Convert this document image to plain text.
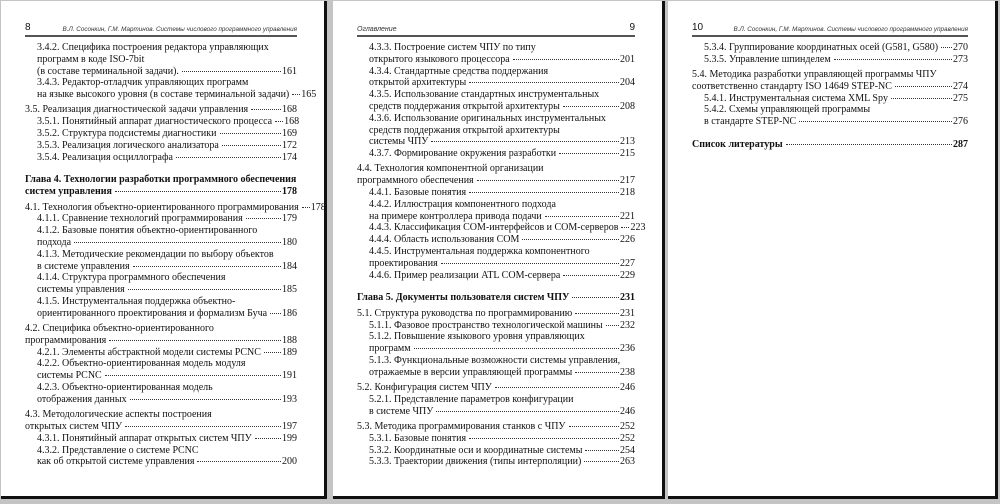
8	В.Л. Сосонкин, Г.М. Мартинов. Системы числового программного управления
3.4.2. Специфика построения редактора управляющих
программ в коде ISO-7bit
(в составе терминальной задачи).	161
3.4.3. Редактор-отладчик управляющих программ
на языке высокого уровня (в составе терминальной задачи) 165
3.5. Реализация диагностической задачи управления	168
3.5.1. Понятийный аппарат диагностического процесса 168
3.5.2. Структура подсистемы диагностики	169
3.5.3. Реализация логического анализатора	172
3.5.4. Реализация осциллографа	174
Глава 4. Технологии разработки программного обеспечения
систем управления	178
4.1. Технология объектно-ориентированного программирования 178
4.1.1. Сравнение технологий программирования	179
4.1.2. Базовые понятия объектно-ориентированного
подхода	180
4.1.3. Методические рекомендации по выбору объектов
в системе управления	184
4.1.4. Структура программного обеспечения
системы управления	185
4.1.5. Инструментальная поддержка объектно-
ориентированного проектирования и формализм Буча 186
4.2. Специфика объектно-ориентированного
программирования	188
4.2.1. Элементы абстрактной модели системы PCNC 189
4.2.2. Объектно-ориентированная модель модуля
системы PCNC	191
4.2.3. Объектно-ориентированная модель
отображения данных	193
4.3. Методологические аспекты построения
открытых систем ЧПУ	197
4.3.1. Понятийный аппарат открытых систем ЧПУ	199
4.3.2. Представление о системе PCNC
как об открытой системе управления	200
Оглавление	9
4.3.3. Построение систем ЧПУ по типу
открытого языкового процессора	201
4.3.4. Стандартные средства поддержания
открытой архитектуры	204
4.3.5. Использование стандартных инструментальных
средств поддержания открытой архитектуры	208
4.3.6. Использование оригинальных инструментальных
средств поддержания открытой архитектуры
системы ЧПУ	213
4.3.7. Формирование окружения разработки	215
4.4. Технология компонентной организации
программного обеспечения	217
4.4.1. Базовые понятия	218
4.4.2. Иллюстрация компонентного подхода
на примере контроллера привода подачи	221
4.4.3. Классификация COM-интерфейсов и COM-серверов 223
4.4.4. Область использования COM	226
4.4.5. Инструментальная поддержка компонентного
проектирования	227
4.4.6. Пример реализации ATL COM-сервера	229
Глава 5. Документы пользователя систем ЧПУ	231
5.1. Структура руководства по программированию	231
5.1.1. Фазовое пространство технологической машины 232
5.1.2. Повышение языкового уровня управляющих
программ	236
5.1.3. Функциональные возможности системы управления,
отражаемые в версии управляющей программы	238
5.2. Конфигурация систем ЧПУ	246
5.2.1. Представление параметров конфигурации
в системе ЧПУ	246
5.3. Методика программирования станков с ЧПУ	252
5.3.1. Базовые понятия	252
5.3.2. Координатные оси и координатные системы	254
5.3.3. Траектории движения (типы интерполяции)	263
10	В.Л. Сосонкин, Г.М. Мартинов. Системы числового программного управления
5.3.4. Группирование координатных осей (G581, G580) 270
5.3.5. Управление шпинделем	273
5.4. Методика разработки управляющей программы ЧПУ
соответственно стандарту ISO 14649 STEP-NC	274
5.4.1. Инструментальная система XML Spy	275
5.4.2. Схемы управляющей программы
в стандарте STEP-NC	276
Список литературы	287
